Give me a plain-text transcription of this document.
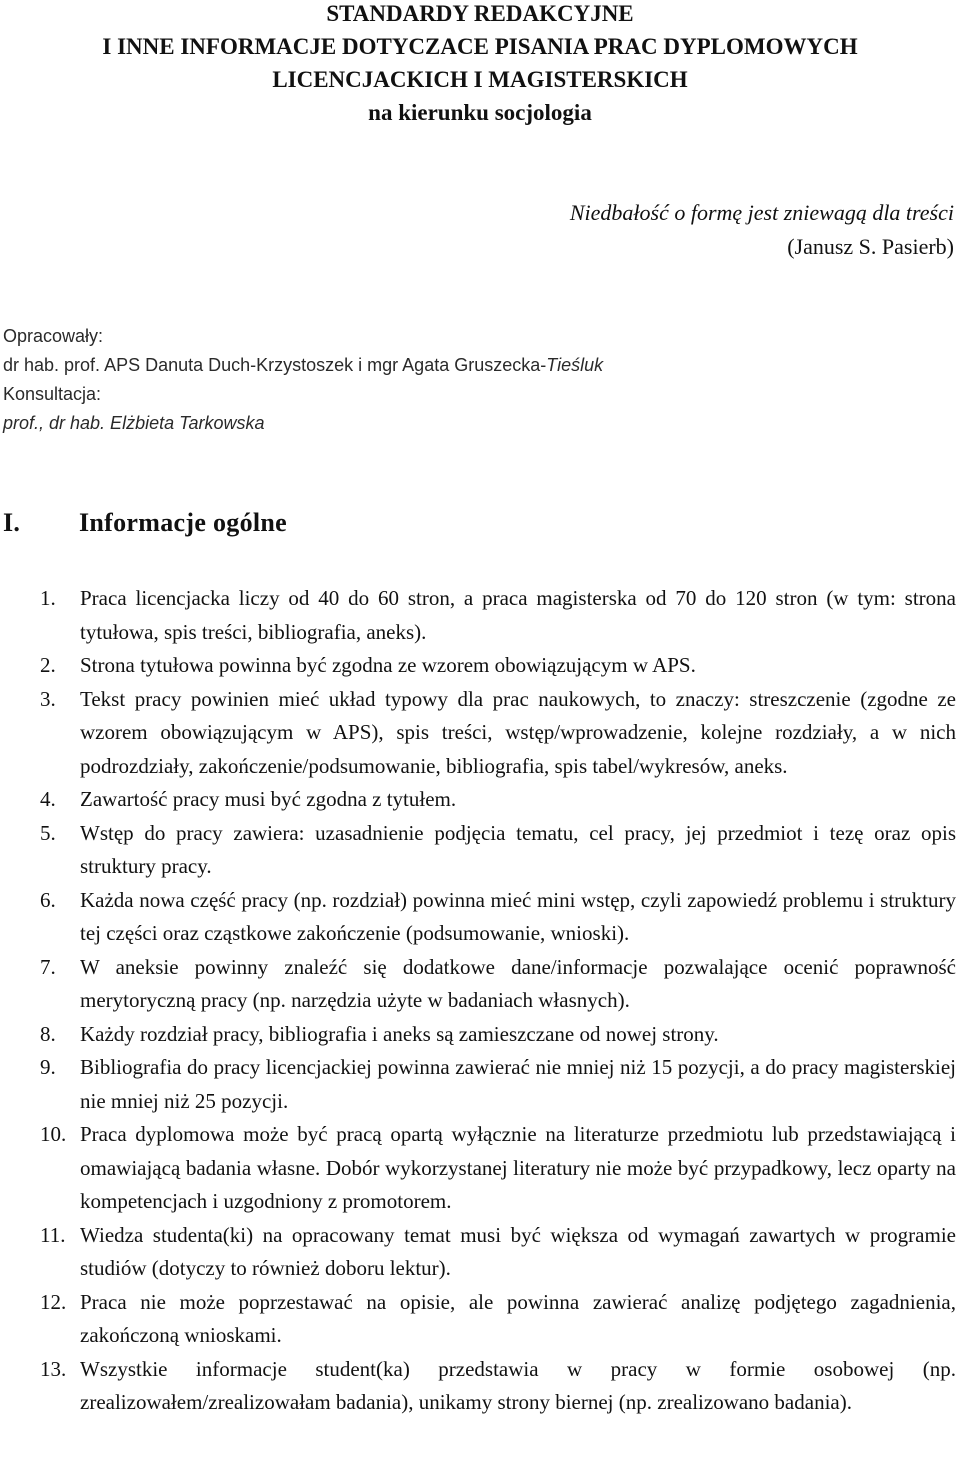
STANDARDY REDAKCYJNE
I INNE INFORMACJE DOTYCZACE PISANIA PRAC DYPLOMOWYCH
LICENCJACKICH I MAGISTERSKICH
na kierunku socjologia
Niedbałość o formę jest zniewagą dla treści
(Janusz S. Pasierb)
Opracowały:
dr hab. prof. APS Danuta Duch-Krzystoszek i mgr Agata Gruszecka-Tieśluk
Konsultacja:
prof., dr hab. Elżbieta Tarkowska
I. Informacje ogólne
1. Praca licencjacka liczy od 40 do 60 stron, a praca magisterska od 70 do 120 stron (w tym: strona tytułowa, spis treści, bibliografia, aneks).
2. Strona tytułowa powinna być zgodna ze wzorem obowiązującym w APS.
3. Tekst pracy powinien mieć układ typowy dla prac naukowych, to znaczy: streszczenie (zgodne ze wzorem obowiązującym w APS), spis treści, wstęp/wprowadzenie, kolejne rozdziały, a w nich podrozdziały, zakończenie/podsumowanie, bibliografia, spis tabel/wykresów, aneks.
4. Zawartość pracy musi być zgodna z tytułem.
5. Wstęp do pracy zawiera: uzasadnienie podjęcia tematu, cel pracy, jej przedmiot i tezę oraz opis struktury pracy.
6. Każda nowa część pracy (np. rozdział) powinna mieć mini wstęp, czyli zapowiedź problemu i struktury tej części oraz cząstkowe zakończenie (podsumowanie, wnioski).
7. W aneksie powinny znaleźć się dodatkowe dane/informacje pozwalające ocenić poprawność merytoryczną pracy (np. narzędzia użyte w badaniach własnych).
8. Każdy rozdział pracy, bibliografia i aneks są zamieszczane od nowej strony.
9. Bibliografia do pracy licencjackiej powinna zawierać nie mniej niż 15 pozycji, a do pracy magisterskiej nie mniej niż 25 pozycji.
10. Praca dyplomowa może być pracą opartą wyłącznie na literaturze przedmiotu lub przedstawiającą i omawiającą badania własne. Dobór wykorzystanej literatury nie może być przypadkowy, lecz oparty na kompetencjach i uzgodniony z promotorem.
11. Wiedza studenta(ki) na opracowany temat musi być większa od wymagań zawartych w programie studiów (dotyczy to również doboru lektur).
12. Praca nie może poprzestawać na opisie, ale powinna zawierać analizę podjętego zagadnienia, zakończoną wnioskami.
13. Wszystkie informacje student(ka) przedstawia w pracy w formie osobowej (np. zrealizowałem/zrealizowałam badania), unikamy strony biernej (np. zrealizowano badania).
